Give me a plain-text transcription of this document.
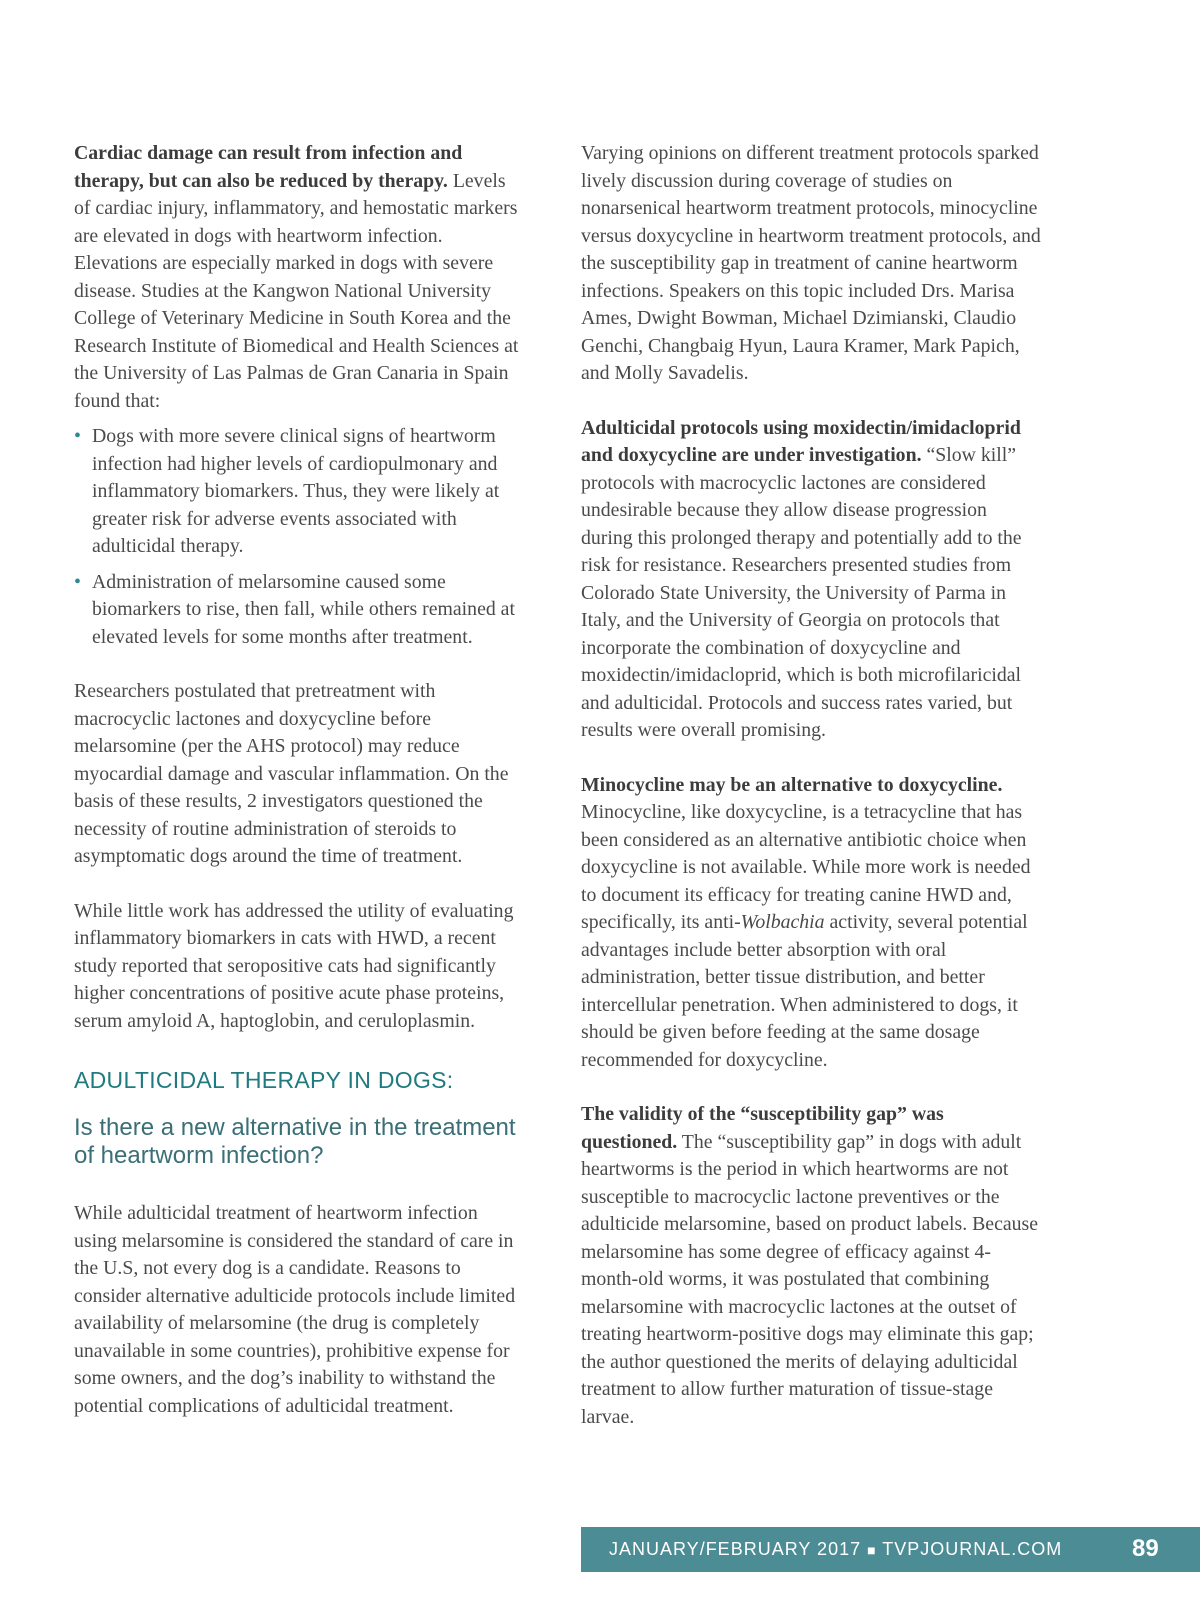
Cardiac damage can result from infection and therapy, but can also be reduced by therapy. Levels of cardiac injury, inflammatory, and hemostatic markers are elevated in dogs with heartworm infection. Elevations are especially marked in dogs with severe disease. Studies at the Kangwon National University College of Veterinary Medicine in South Korea and the Research Institute of Biomedical and Health Sciences at the University of Las Palmas de Gran Canaria in Spain found that:

• Dogs with more severe clinical signs of heartworm infection had higher levels of cardiopulmonary and inflammatory biomarkers. Thus, they were likely at greater risk for adverse events associated with adulticidal therapy.
• Administration of melarsomine caused some biomarkers to rise, then fall, while others remained at elevated levels for some months after treatment.

Researchers postulated that pretreatment with macrocyclic lactones and doxycycline before melarsomine (per the AHS protocol) may reduce myocardial damage and vascular inflammation. On the basis of these results, 2 investigators questioned the necessity of routine administration of steroids to asymptomatic dogs around the time of treatment.

While little work has addressed the utility of evaluating inflammatory biomarkers in cats with HWD, a recent study reported that seropositive cats had significantly higher concentrations of positive acute phase proteins, serum amyloid A, haptoglobin, and ceruloplasmin.

ADULTICIDAL THERAPY IN DOGS:
Is there a new alternative in the treatment of heartworm infection?

While adulticidal treatment of heartworm infection using melarsomine is considered the standard of care in the U.S, not every dog is a candidate. Reasons to consider alternative adulticide protocols include limited availability of melarsomine (the drug is completely unavailable in some countries), prohibitive expense for some owners, and the dog’s inability to withstand the potential complications of adulticidal treatment.

Varying opinions on different treatment protocols sparked lively discussion during coverage of studies on nonarsenical heartworm treatment protocols, minocycline versus doxycycline in heartworm treatment protocols, and the susceptibility gap in treatment of canine heartworm infections. Speakers on this topic included Drs. Marisa Ames, Dwight Bowman, Michael Dzimianski, Claudio Genchi, Changbaig Hyun, Laura Kramer, Mark Papich, and Molly Savadelis.

Adulticidal protocols using moxidectin/imidacloprid and doxycycline are under investigation. “Slow kill” protocols with macrocyclic lactones are considered undesirable because they allow disease progression during this prolonged therapy and potentially add to the risk for resistance. Researchers presented studies from Colorado State University, the University of Parma in Italy, and the University of Georgia on protocols that incorporate the combination of doxycycline and moxidectin/imidacloprid, which is both microfilaricidal and adulticidal. Protocols and success rates varied, but results were overall promising.

Minocycline may be an alternative to doxycycline. Minocycline, like doxycycline, is a tetracycline that has been considered as an alternative antibiotic choice when doxycycline is not available. While more work is needed to document its efficacy for treating canine HWD and, specifically, its anti-Wolbachia activity, several potential advantages include better absorption with oral administration, better tissue distribution, and better intercellular penetration. When administered to dogs, it should be given before feeding at the same dosage recommended for doxycycline.

The validity of the “susceptibility gap” was questioned. The “susceptibility gap” in dogs with adult heartworms is the period in which heartworms are not susceptible to macrocyclic lactone preventives or the adulticide melarsomine, based on product labels. Because melarsomine has some degree of efficacy against 4-month-old worms, it was postulated that combining melarsomine with macrocyclic lactones at the outset of treating heartworm-positive dogs may eliminate this gap; the author questioned the merits of delaying adulticidal treatment to allow further maturation of tissue-stage larvae.

JANUARY/FEBRUARY 2017 ■ TVPJOURNAL.COM	89
